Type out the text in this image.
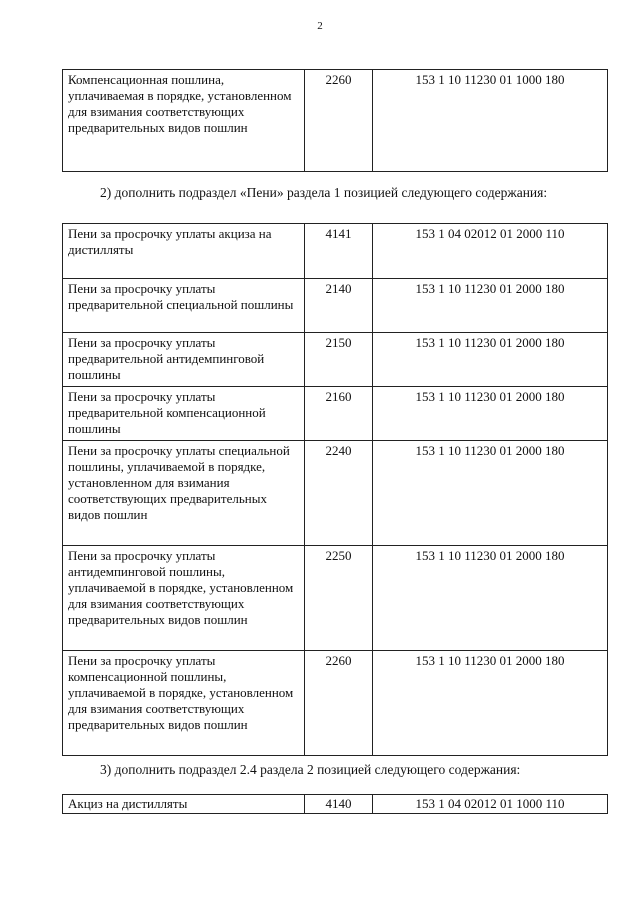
2
Компенсационная пошлина, уплачиваемая в порядке, установленном для взимания соответствующих предварительных видов пошлин	2260	153 1 10 11230 01 1000 180
2) дополнить подраздел «Пени» раздела 1 позицией следующего содержания:
Пени за просрочку уплаты акциза на дистилляты	4141	153 1 04 02012 01 2000 110
Пени за просрочку уплаты предварительной специальной пошлины	2140	153 1 10 11230 01 2000 180
Пени за просрочку уплаты предварительной антидемпинговой пошлины	2150	153 1 10 11230 01 2000 180
Пени за просрочку уплаты предварительной компенсационной пошлины	2160	153 1 10 11230 01 2000 180
Пени за просрочку уплаты специальной пошлины, уплачиваемой в порядке, установленном для взимания соответствующих предварительных видов пошлин	2240	153 1 10 11230 01 2000 180
Пени за просрочку уплаты антидемпинговой пошлины, уплачиваемой в порядке, установленном для взимания соответствующих предварительных видов пошлин	2250	153 1 10 11230 01 2000 180
Пени за просрочку уплаты компенсационной пошлины, уплачиваемой в порядке, установленном для взимания соответствующих предварительных видов пошлин	2260	153 1 10 11230 01 2000 180
3) дополнить подраздел 2.4 раздела 2 позицией следующего содержания:
Акциз на дистилляты	4140	153 1 04 02012 01 1000 110
